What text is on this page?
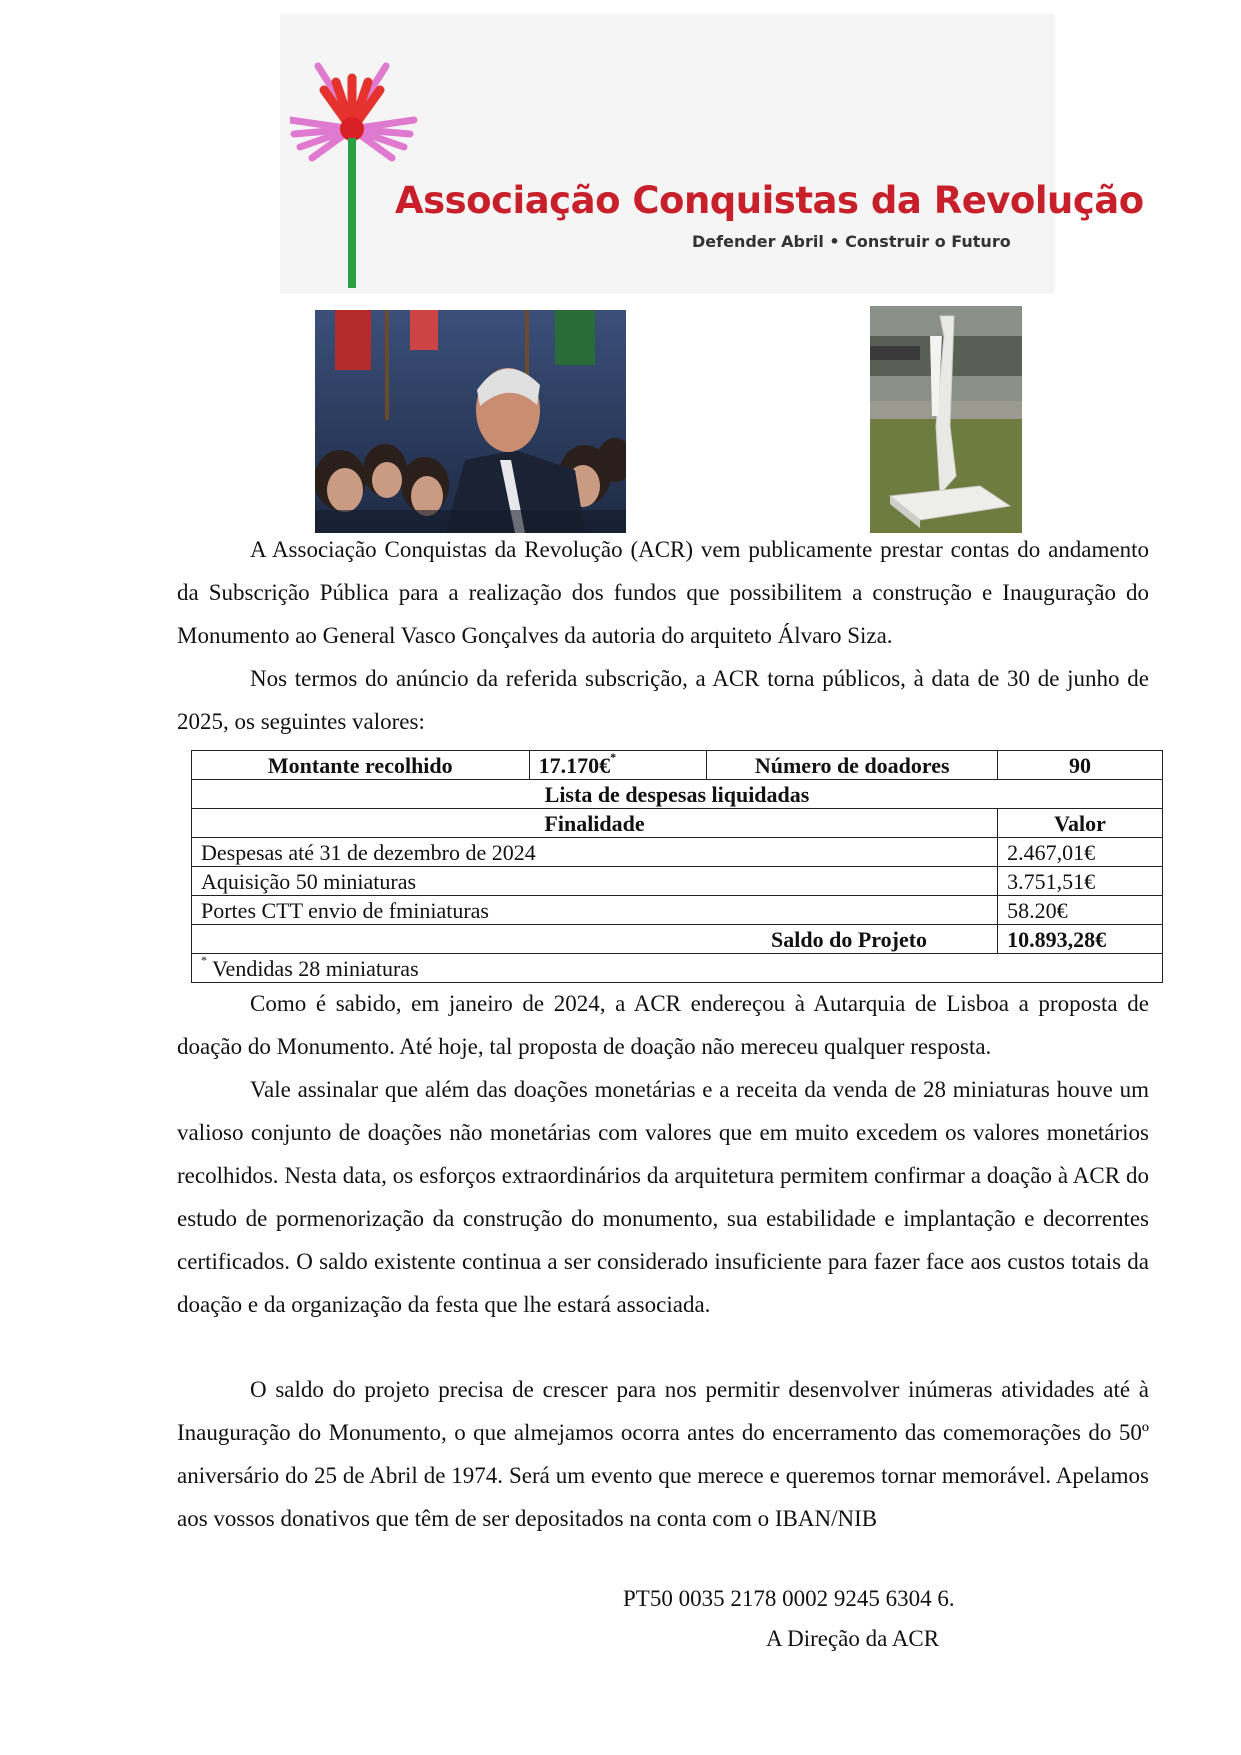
Associação Conquistas da Revolução
Defender Abril • Construir o Futuro

A Associação Conquistas da Revolução (ACR) vem publicamente prestar contas do andamento da Subscrição Pública para a realização dos fundos que possibilitem a construção e Inauguração do Monumento ao General Vasco Gonçalves da autoria do arquiteto Álvaro Siza.

Nos termos do anúncio da referida subscrição, a ACR torna públicos, à data de 30 de junho de 2025, os seguintes valores:

Montante recolhido	17.170€*	Número de doadores	90
Lista de despesas liquidadas			
Finalidade			Valor
Despesas até 31 de dezembro de 2024			2.467,01€
Aquisição 50 miniaturas			3.751,51€
Portes CTT envio de fminiaturas			58.20€
Saldo do Projeto			10.893,28€
* Vendidas 28 miniaturas			

Como é sabido, em janeiro de 2024, a ACR endereçou à Autarquia de Lisboa a proposta de doação do Monumento. Até hoje, tal proposta de doação não mereceu qualquer resposta.

Vale assinalar que além das doações monetárias e a receita da venda de 28 miniaturas houve um valioso conjunto de doações não monetárias com valores que em muito excedem os valores monetários recolhidos. Nesta data, os esforços extraordinários da arquitetura permitem confirmar a doação à ACR do estudo de pormenorização da construção do monumento, sua estabilidade e implantação e decorrentes certificados. O saldo existente continua a ser considerado insuficiente para fazer face aos custos totais da doação e da organização da festa que lhe estará associada.

O saldo do projeto precisa de crescer para nos permitir desenvolver inúmeras atividades até à Inauguração do Monumento, o que almejamos ocorra antes do encerramento das comemorações do 50º aniversário do 25 de Abril de 1974. Será um evento que merece e queremos tornar memorável. Apelamos aos vossos donativos que têm de ser depositados na conta com o IBAN/NIB

PT50 0035 2178 0002 9245 6304 6.
A Direção da ACR
